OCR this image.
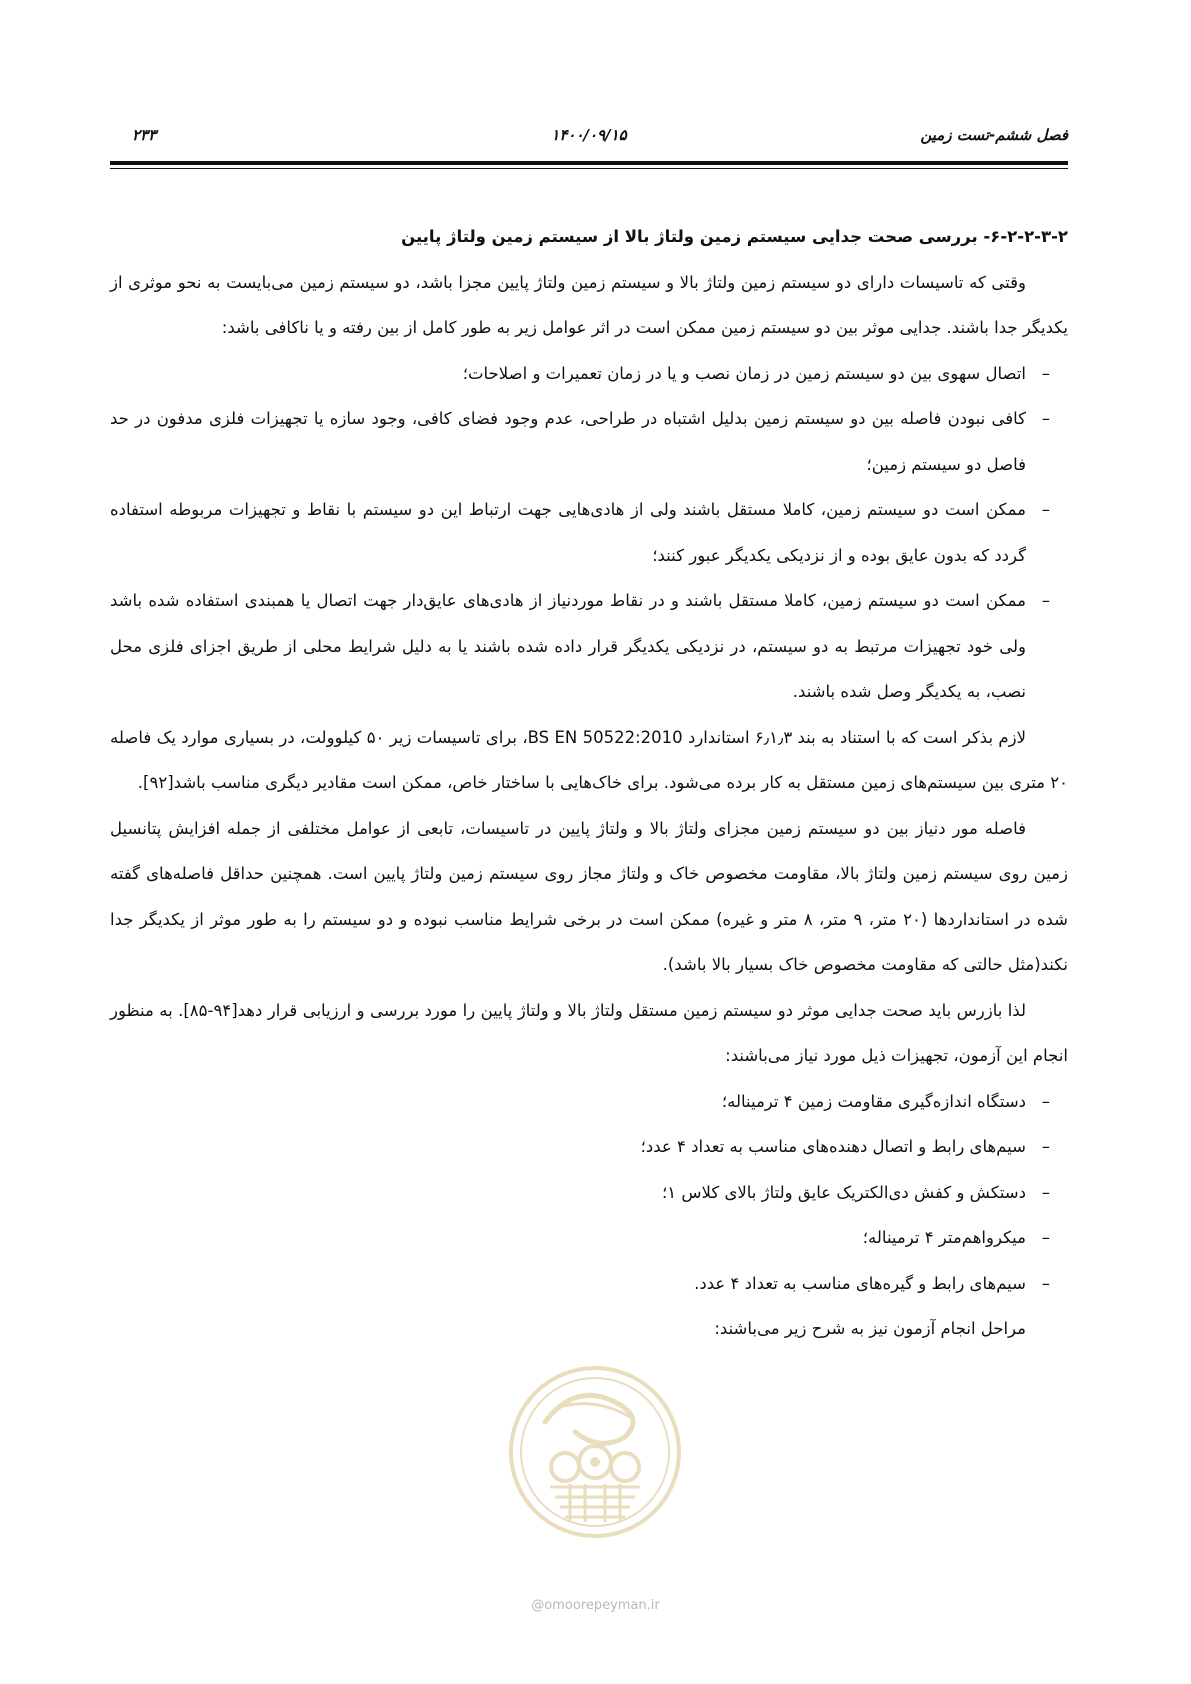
فصل ششم-تست زمین
۱۴۰۰/۰۹/۱۵
۲۳۳

۶-۲-۲-۳-۲- بررسی صحت جدایی سیستم زمین ولتاژ بالا از سیستم زمین ولتاژ پایین

وقتی که تاسیسات دارای دو سیستم زمین ولتاژ بالا و سیستم زمین ولتاژ پایین مجزا باشد، دو سیستم زمین می‌بایست به نحو موثری از یکدیگر جدا باشند. جدایی موثر بین دو سیستم زمین ممکن است در اثر عوامل زیر به طور کامل از بین رفته و یا ناکافی باشد:

–
اتصال سهوی بین دو سیستم زمین در زمان نصب و یا در زمان تعمیرات و اصلاحات؛
–
کافی نبودن فاصله بین دو سیستم زمین بدلیل اشتباه در طراحی، عدم وجود فضای کافی، وجود سازه یا تجهیزات فلزی مدفون در حد فاصل دو سیستم زمین؛
–
ممکن است دو سیستم زمین، کاملا مستقل باشند ولی از هادی‌هایی جهت ارتباط این دو سیستم با نقاط و تجهیزات مربوطه استفاده گردد که بدون عایق بوده و از نزدیکی یکدیگر عبور کنند؛
–
ممکن است دو سیستم زمین، کاملا مستقل باشند و در نقاط موردنیاز از هادی‌های عایق‌دار جهت اتصال یا همبندی استفاده شده باشد ولی خود تجهیزات مرتبط به دو سیستم، در نزدیکی یکدیگر قرار داده شده باشند یا به دلیل شرایط محلی از طریق اجزای فلزی محل نصب، به یکدیگر وصل شده باشند.

لازم بذکر است که با استناد به بند ۶٫۱٫۳ استاندارد BS EN 50522:2010، برای تاسیسات زیر ۵۰ کیلوولت، در بسیاری موارد یک فاصله ۲۰ متری بین سیستم‌های زمین مستقل به کار برده می‌شود. برای خاک‌هایی با ساختار خاص، ممکن است مقادیر دیگری مناسب باشد[۹۲].

فاصله مور دنیاز بین دو سیستم زمین مجزای ولتاژ بالا و ولتاژ پایین در تاسیسات، تابعی از عوامل مختلفی از جمله افزایش پتانسیل زمین روی سیستم زمین ولتاژ بالا، مقاومت مخصوص خاک و ولتاژ مجاز روی سیستم زمین ولتاژ پایین است. همچنین حداقل فاصله‌های گفته شده در استانداردها (۲۰ متر، ۹ متر، ۸ متر و غیره) ممکن است در برخی شرایط مناسب نبوده و دو سیستم را به طور موثر از یکدیگر جدا نکند(مثل حالتی که مقاومت مخصوص خاک بسیار بالا باشد).

لذا بازرس باید صحت جدایی موثر دو سیستم زمین مستقل ولتاژ بالا و ولتاژ پایین را مورد بررسی و ارزیابی قرار دهد[۹۴-۸۵]. به منظور انجام این آزمون، تجهیزات ذیل مورد نیاز می‌باشند:

–
دستگاه اندازه‌گیری مقاومت زمین ۴ ترمیناله؛
–
سیم‌های رابط و اتصال دهنده‌های مناسب به تعداد ۴ عدد؛
–
دستکش و کفش دی‌الکتریک عایق ولتاژ بالای کلاس ۱؛
–
میکرواهم‌متر ۴ ترمیناله؛
–
سیم‌های رابط و گیره‌های مناسب به تعداد ۴ عدد.

مراحل انجام آزمون نیز به شرح زیر می‌باشند:

@omoorepeyman.ir
